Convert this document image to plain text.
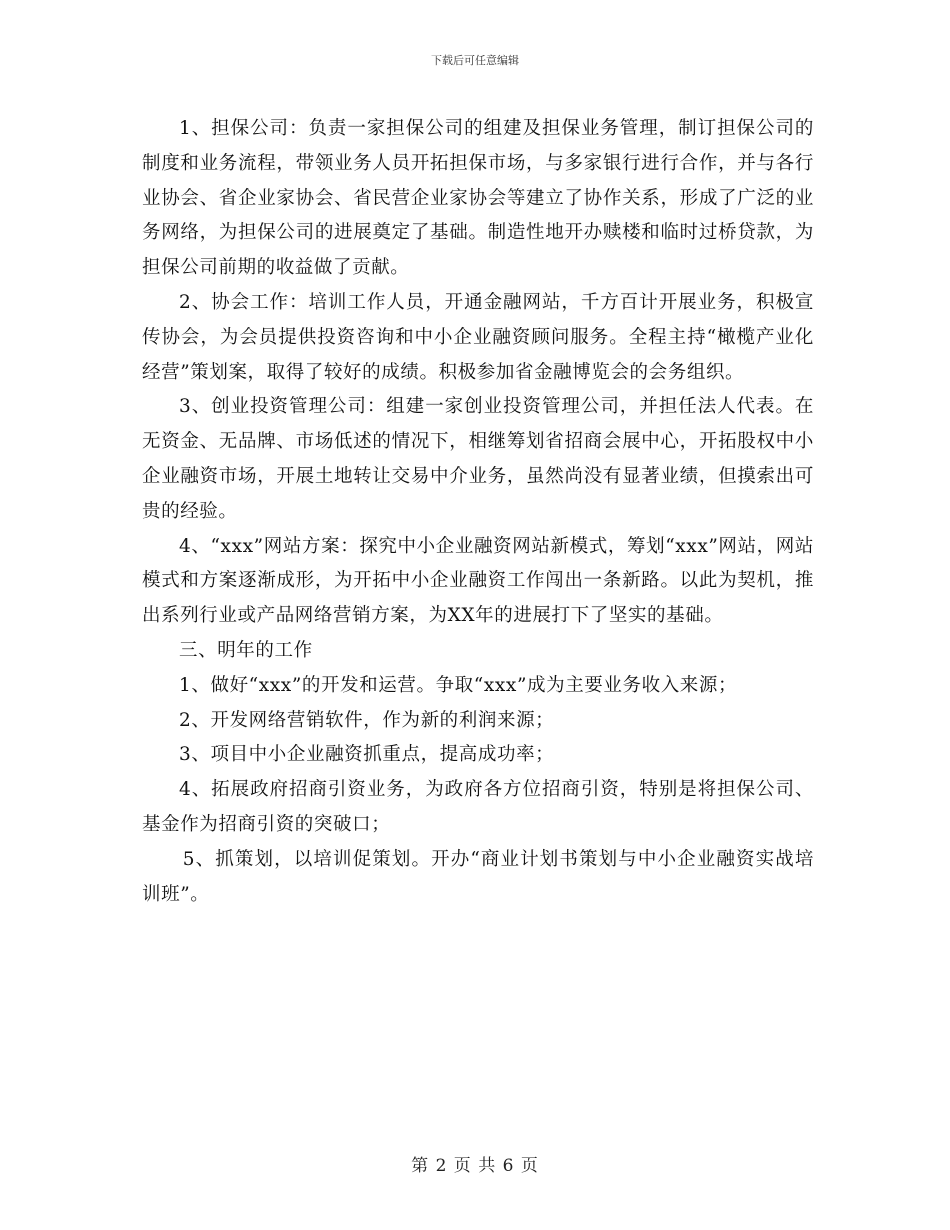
下载后可任意编辑

1、担保公司：负责一家担保公司的组建及担保业务管理，制订担保公司的制度和业务流程，带领业务人员开拓担保市场，与多家银行进行合作，并与各行业协会、省企业家协会、省民营企业家协会等建立了协作关系，形成了广泛的业务网络，为担保公司的进展奠定了基础。制造性地开办赎楼和临时过桥贷款，为担保公司前期的收益做了贡献。

2、协会工作：培训工作人员，开通金融网站，千方百计开展业务，积极宣传协会，为会员提供投资咨询和中小企业融资顾问服务。全程主持“橄榄产业化经营”策划案，取得了较好的成绩。积极参加省金融博览会的会务组织。

3、创业投资管理公司：组建一家创业投资管理公司，并担任法人代表。在无资金、无品牌、市场低述的情况下，相继筹划省招商会展中心，开拓股权中小企业融资市场，开展土地转让交易中介业务，虽然尚没有显著业绩，但摸索出可贵的经验。

4、“xxx”网站方案：探究中小企业融资网站新模式，筹划“xxx”网站，网站模式和方案逐渐成形，为开拓中小企业融资工作闯出一条新路。以此为契机，推出系列行业或产品网络营销方案，为XX年的进展打下了坚实的基础。

三、明年的工作

1、做好“xxx”的开发和运营。争取“xxx”成为主要业务收入来源；

2、开发网络营销软件，作为新的利润来源；

3、项目中小企业融资抓重点，提高成功率；

4、拓展政府招商引资业务，为政府各方位招商引资，特别是将担保公司、基金作为招商引资的突破口；

5、抓策划，以培训促策划。开办“商业计划书策划与中小企业融资实战培训班”。

第 2 页 共 6 页
